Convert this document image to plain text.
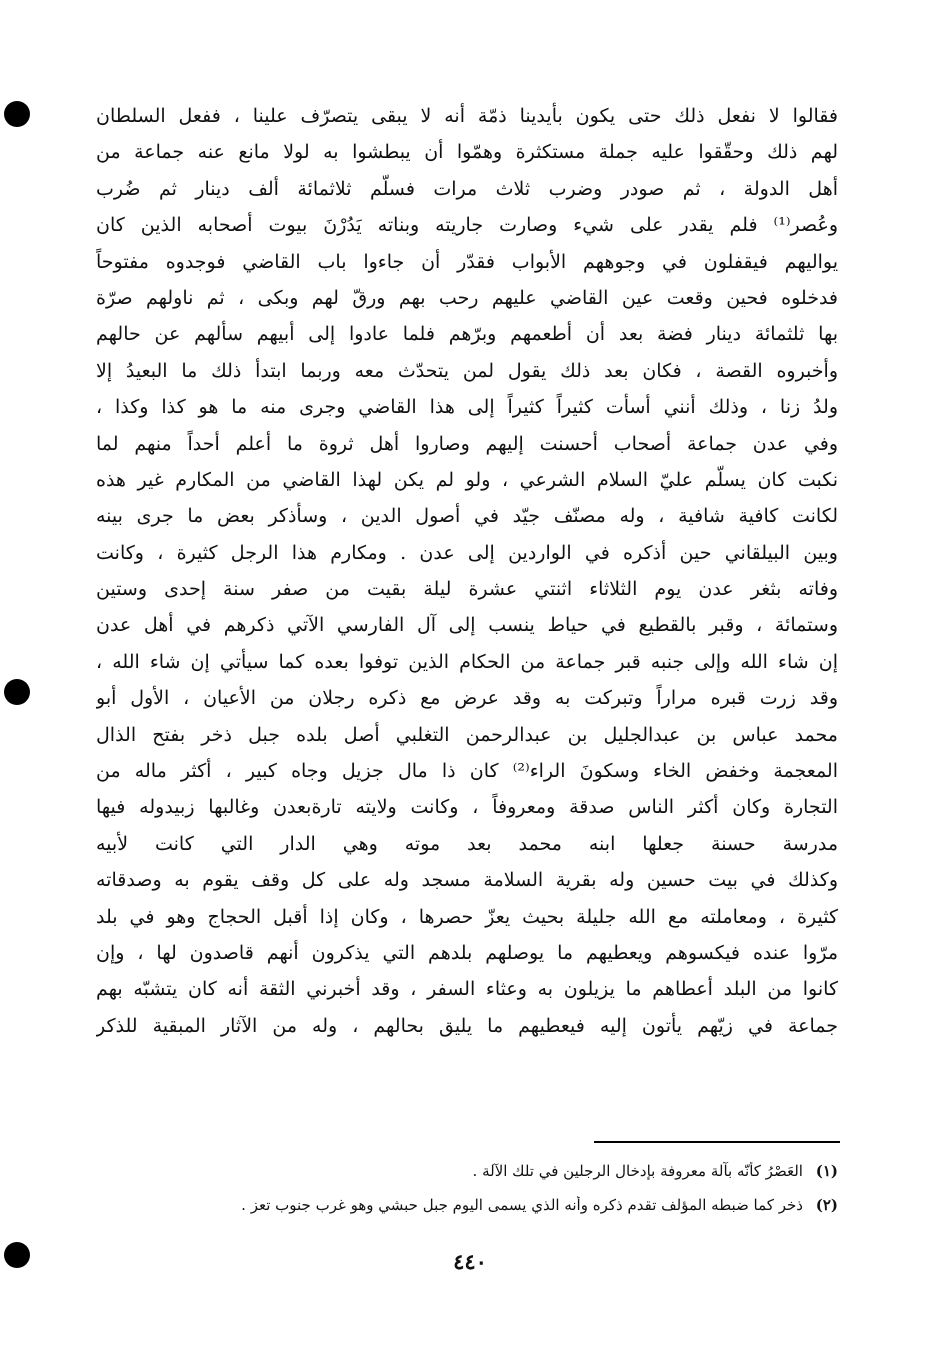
فقالوا لا نفعل ذلك حتى يكون بأيدينا ذمّة أنه لا يبقى يتصرّف علينا ، ففعل السلطان
لهم ذلك وحقّقوا عليه جملة مستكثرة وهمّوا أن يبطشوا به لولا مانع عنه جماعة من
أهل الدولة ، ثم صودر وضرب ثلاث مرات فسلّم ثلاثمائة ألف دينار ثم ضُرب
وعُصر⁽¹⁾ فلم يقدر على شيء وصارت جاريته وبناته يَدُرْنَ بيوت أصحابه الذين كان
يواليهم فيقفلون في وجوههم الأبواب فقدّر أن جاءوا باب القاضي فوجدوه مفتوحاً
فدخلوه فحين وقعت عين القاضي عليهم رحب بهم ورقّ لهم وبكى ، ثم ناولهم صرّة
بها ثلثمائة دينار فضة بعد أن أطعمهم وبرّهم فلما عادوا إلى أبيهم سألهم عن حالهم
وأخبروه القصة ، فكان بعد ذلك يقول لمن يتحدّث معه وربما ابتدأ ذلك ما البعيدُ إلا
ولدُ زنا ، وذلك أنني أسأت كثيراً كثيراً إلى هذا القاضي وجرى منه ما هو كذا وكذا ،
وفي عدن جماعة أصحاب أحسنت إليهم وصاروا أهل ثروة ما أعلم أحداً منهم لما
نكبت كان يسلّم عليّ السلام الشرعي ، ولو لم يكن لهذا القاضي من المكارم غير هذه
لكانت كافية شافية ، وله مصنّف جيّد في أصول الدين ، وسأذكر بعض ما جرى بينه
وبين البيلقاني حين أذكره في الواردين إلى عدن . ومكارم هذا الرجل كثيرة ، وكانت
وفاته بثغر عدن يوم الثلاثاء اثنتي عشرة ليلة بقيت من صفر سنة إحدى وستين
وستمائة ، وقبر بالقطيع في حياط ينسب إلى آل الفارسي الآتي ذكرهم في أهل عدن
إن شاء الله وإلى جنبه قبر جماعة من الحكام الذين توفوا بعده كما سيأتي إن شاء الله ،
وقد زرت قبره مراراً وتبركت به وقد عرض مع ذكره رجلان من الأعيان ، الأول أبو
محمد عباس بن عبدالجليل بن عبدالرحمن التغلبي أصل بلده جبل ذخر بفتح الذال
المعجمة وخفض الخاء وسكونَ الراء⁽²⁾ كان ذا مال جزيل وجاه كبير ، أكثر ماله من
التجارة وكان أكثر الناس صدقة ومعروفاً ، وكانت ولايته تارةبعدن وغالبها زبيدوله فيها
مدرسة حسنة جعلها ابنه محمد بعد موته وهي الدار التي كانت لأبيه
وكذلك في بيت حسين وله بقرية السلامة مسجد وله على كل وقف يقوم به وصدقاته
كثيرة ، ومعاملته مع الله جليلة بحيث يعزّ حصرها ، وكان إذا أقبل الحجاج وهو في بلد
مرّوا عنده فيكسوهم ويعطيهم ما يوصلهم بلدهم التي يذكرون أنهم قاصدون لها ، وإن
كانوا من البلد أعطاهم ما يزيلون به وعثاء السفر ، وقد أخبرني الثقة أنه كان يتشبّه بهم
جماعة في زيّهم يأتون إليه فيعطيهم ما يليق بحالهم ، وله من الآثار المبقية للذكر
(١) العَصْرُ كأنّه بآلة معروفة بإدخال الرجلين في تلك الآلة .
(٢) ذخر كما ضبطه المؤلف تقدم ذكره وأنه الذي يسمى اليوم جبل حبشي وهو غرب جنوب تعز .
٤٤٠
